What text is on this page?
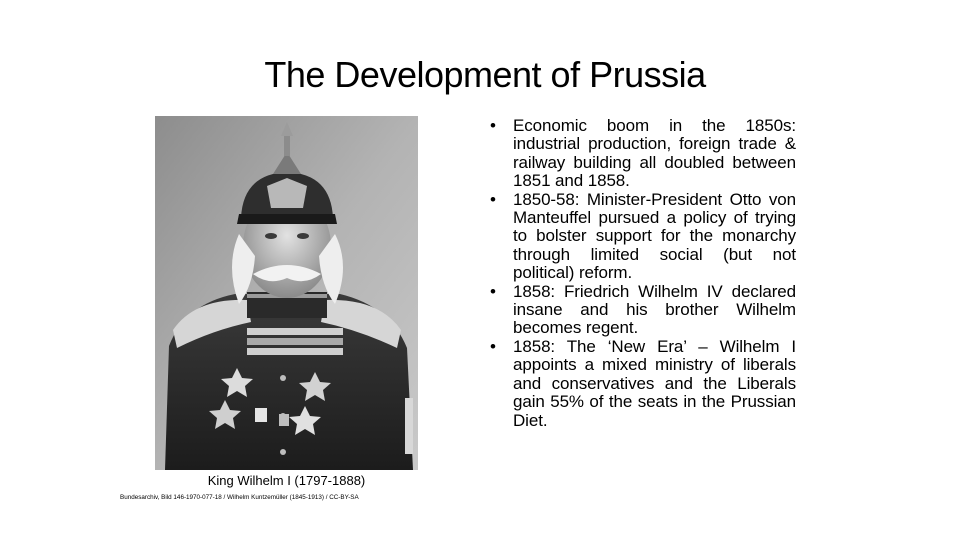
The Development of Prussia
King Wilhelm I (1797-1888)
Bundesarchiv, Bild 146-1970-077-18 / Wilhelm Kuntzemüller (1845-1913) / CC-BY-SA
•	Economic boom in the 1850s: industrial production, foreign trade & railway building all doubled between 1851 and 1858.
•	1850-58: Minister-President Otto von Manteuffel pursued a policy of trying to bolster support for the monarchy through limited social (but not political) reform.
•	1858: Friedrich Wilhelm IV declared insane and his brother Wilhelm becomes regent.
•	1858: The ‘New Era’ – Wilhelm I appoints a mixed ministry of liberals and conservatives and the Liberals gain 55% of the seats in the Prussian Diet.
